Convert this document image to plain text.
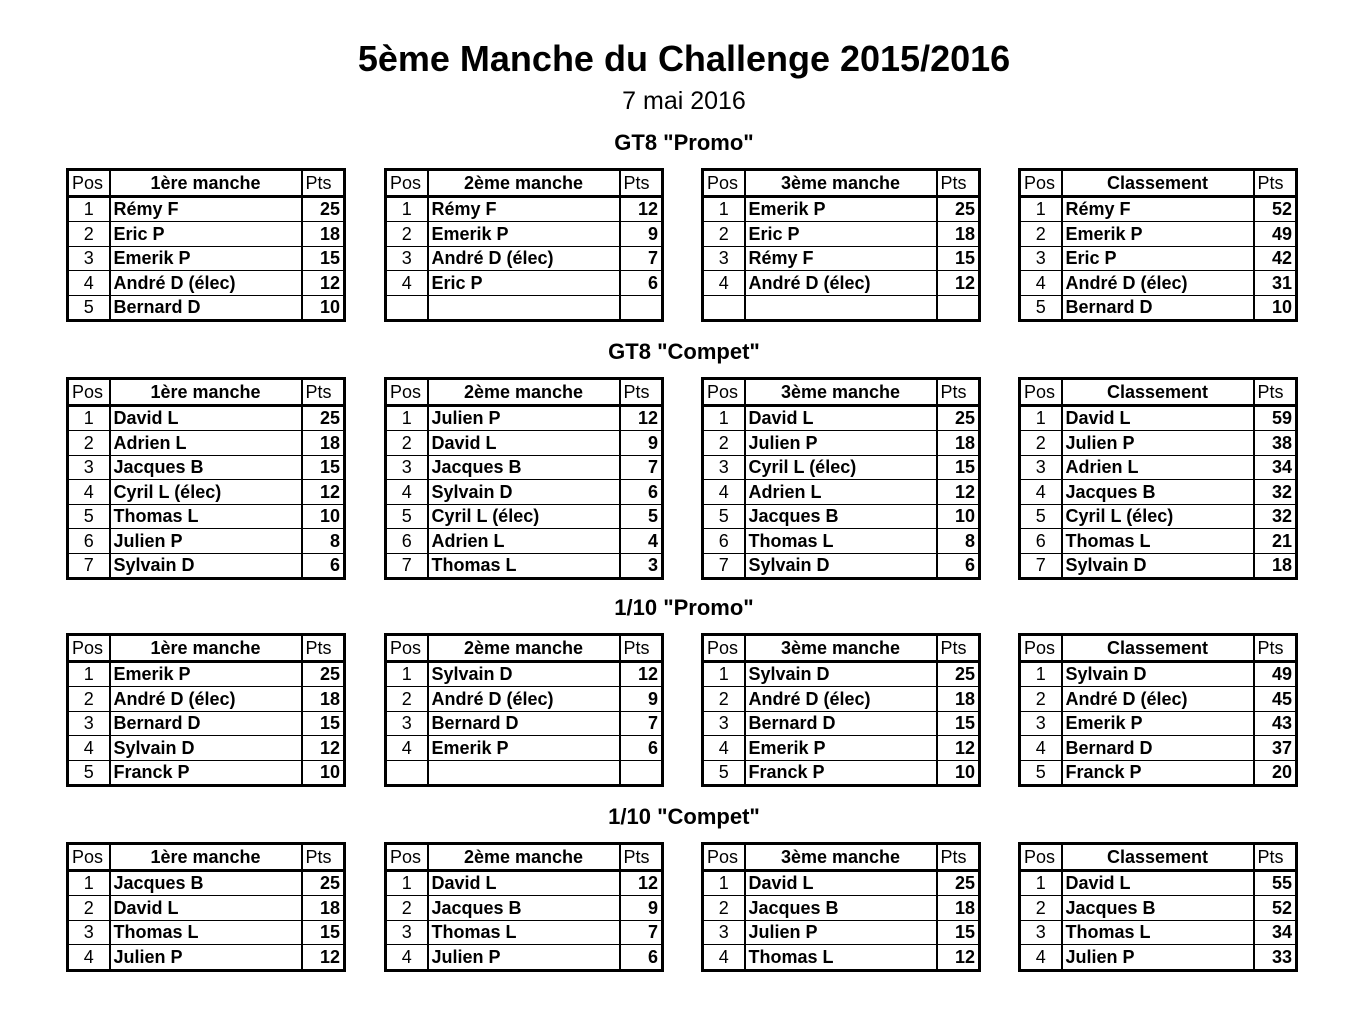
5ème Manche du Challenge 2015/2016
7 mai 2016
GT8 "Promo"
Pos	1ère manche	Pts
1	Rémy F	25
2	Eric P	18
3	Emerik P	15
4	André D (élec)	12
5	Bernard D	10
Pos	2ème manche	Pts
1	Rémy F	12
2	Emerik P	9
3	André D (élec)	7
4	Eric P	6

Pos	3ème manche	Pts
1	Emerik P	25
2	Eric P	18
3	Rémy F	15
4	André D (élec)	12

Pos	Classement	Pts
1	Rémy F	52
2	Emerik P	49
3	Eric P	42
4	André D (élec)	31
5	Bernard D	10
GT8 "Compet"
Pos	1ère manche	Pts
1	David L	25
2	Adrien L	18
3	Jacques B	15
4	Cyril L (élec)	12
5	Thomas L	10
6	Julien P	8
7	Sylvain D	6
Pos	2ème manche	Pts
1	Julien P	12
2	David L	9
3	Jacques B	7
4	Sylvain D	6
5	Cyril L (élec)	5
6	Adrien L	4
7	Thomas L	3
Pos	3ème manche	Pts
1	David L	25
2	Julien P	18
3	Cyril L (élec)	15
4	Adrien L	12
5	Jacques B	10
6	Thomas L	8
7	Sylvain D	6
Pos	Classement	Pts
1	David L	59
2	Julien P	38
3	Adrien L	34
4	Jacques B	32
5	Cyril L (élec)	32
6	Thomas L	21
7	Sylvain D	18
1/10 "Promo"
Pos	1ère manche	Pts
1	Emerik P	25
2	André D (élec)	18
3	Bernard D	15
4	Sylvain D	12
5	Franck P	10
Pos	2ème manche	Pts
1	Sylvain D	12
2	André D (élec)	9
3	Bernard D	7
4	Emerik P	6

Pos	3ème manche	Pts
1	Sylvain D	25
2	André D (élec)	18
3	Bernard D	15
4	Emerik P	12
5	Franck P	10
Pos	Classement	Pts
1	Sylvain D	49
2	André D (élec)	45
3	Emerik P	43
4	Bernard D	37
5	Franck P	20
1/10 "Compet"
Pos	1ère manche	Pts
1	Jacques B	25
2	David L	18
3	Thomas L	15
4	Julien P	12
Pos	2ème manche	Pts
1	David L	12
2	Jacques B	9
3	Thomas L	7
4	Julien P	6
Pos	3ème manche	Pts
1	David L	25
2	Jacques B	18
3	Julien P	15
4	Thomas L	12
Pos	Classement	Pts
1	David L	55
2	Jacques B	52
3	Thomas L	34
4	Julien P	33
